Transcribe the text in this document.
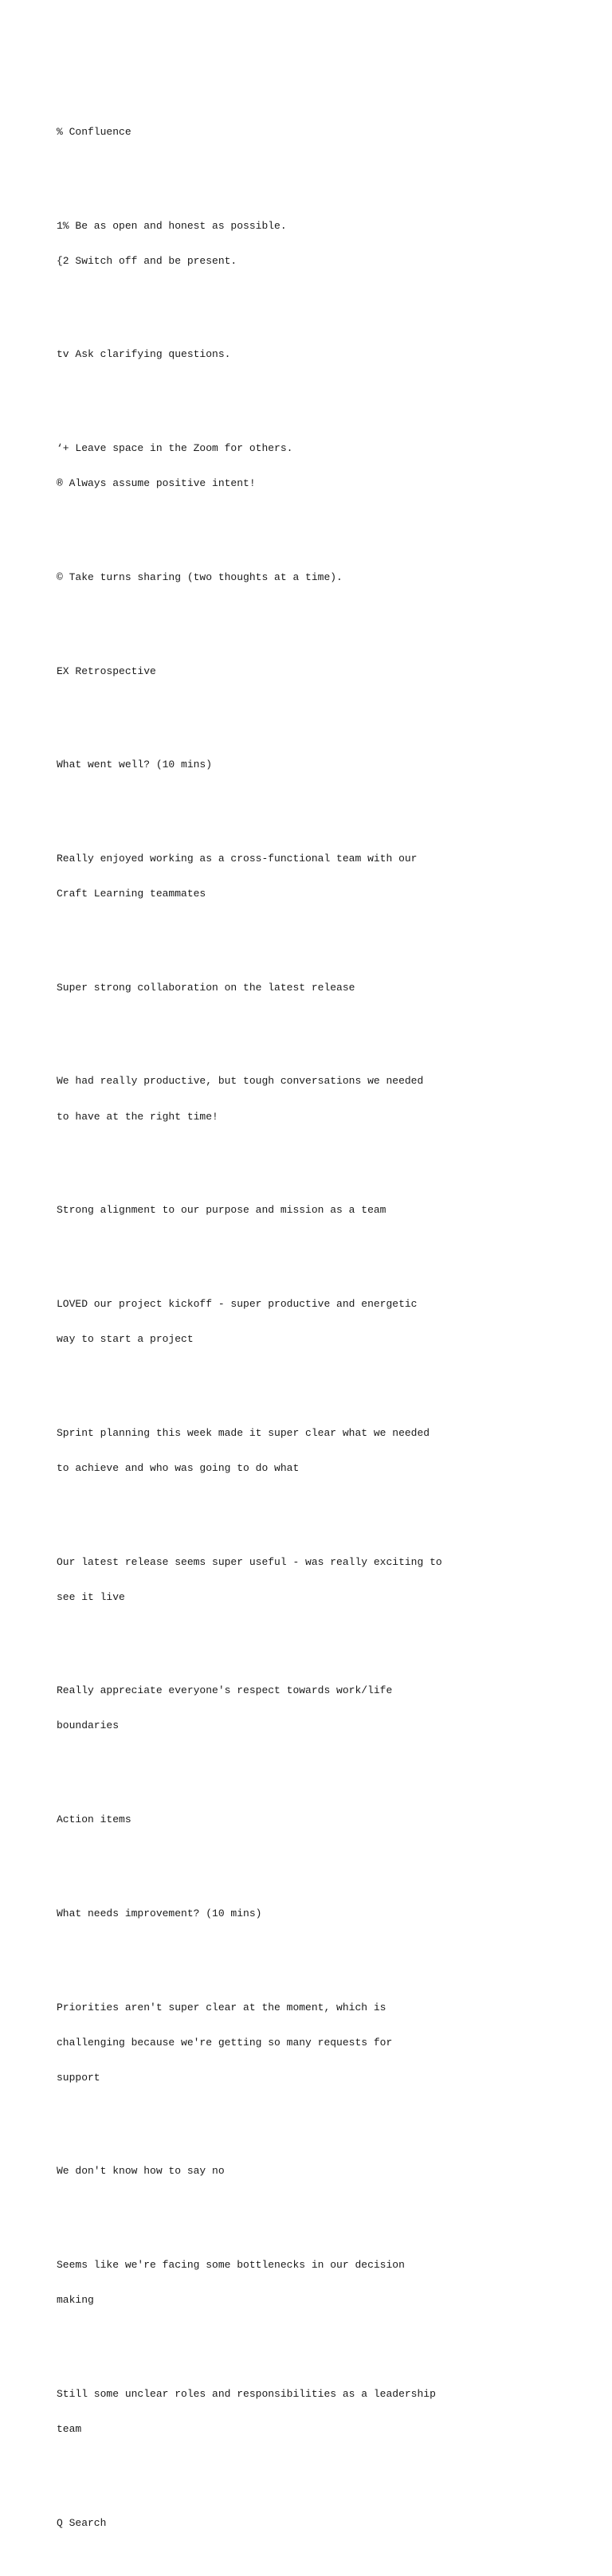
% Confluence

1% Be as open and honest as possible.

{2 Switch off and be present.

tv Ask clarifying questions.

‘+ Leave space in the Zoom for others.

® Always assume positive intent!

© Take turns sharing (two thoughts at a time).

EX Retrospective

What went well? (10 mins)

Really enjoyed working as a cross-functional team with our

Craft Learning teammates

Super strong collaboration on the latest release

We had really productive, but tough conversations we needed

to have at the right time!

Strong alignment to our purpose and mission as a team

LOVED our project kickoff - super productive and energetic

way to start a project

Sprint planning this week made it super clear what we needed

to achieve and who was going to do what

Our latest release seems super useful - was really exciting to

see it live

Really appreciate everyone's respect towards work/life

boundaries

Action items

What needs improvement? (10 mins)

Priorities aren't super clear at the moment, which is

challenging because we're getting so many requests for

support

We don't know how to say no

Seems like we're facing some bottlenecks in our decision

making

Still some unclear roles and responsibilities as a leadership

team

Q Search
